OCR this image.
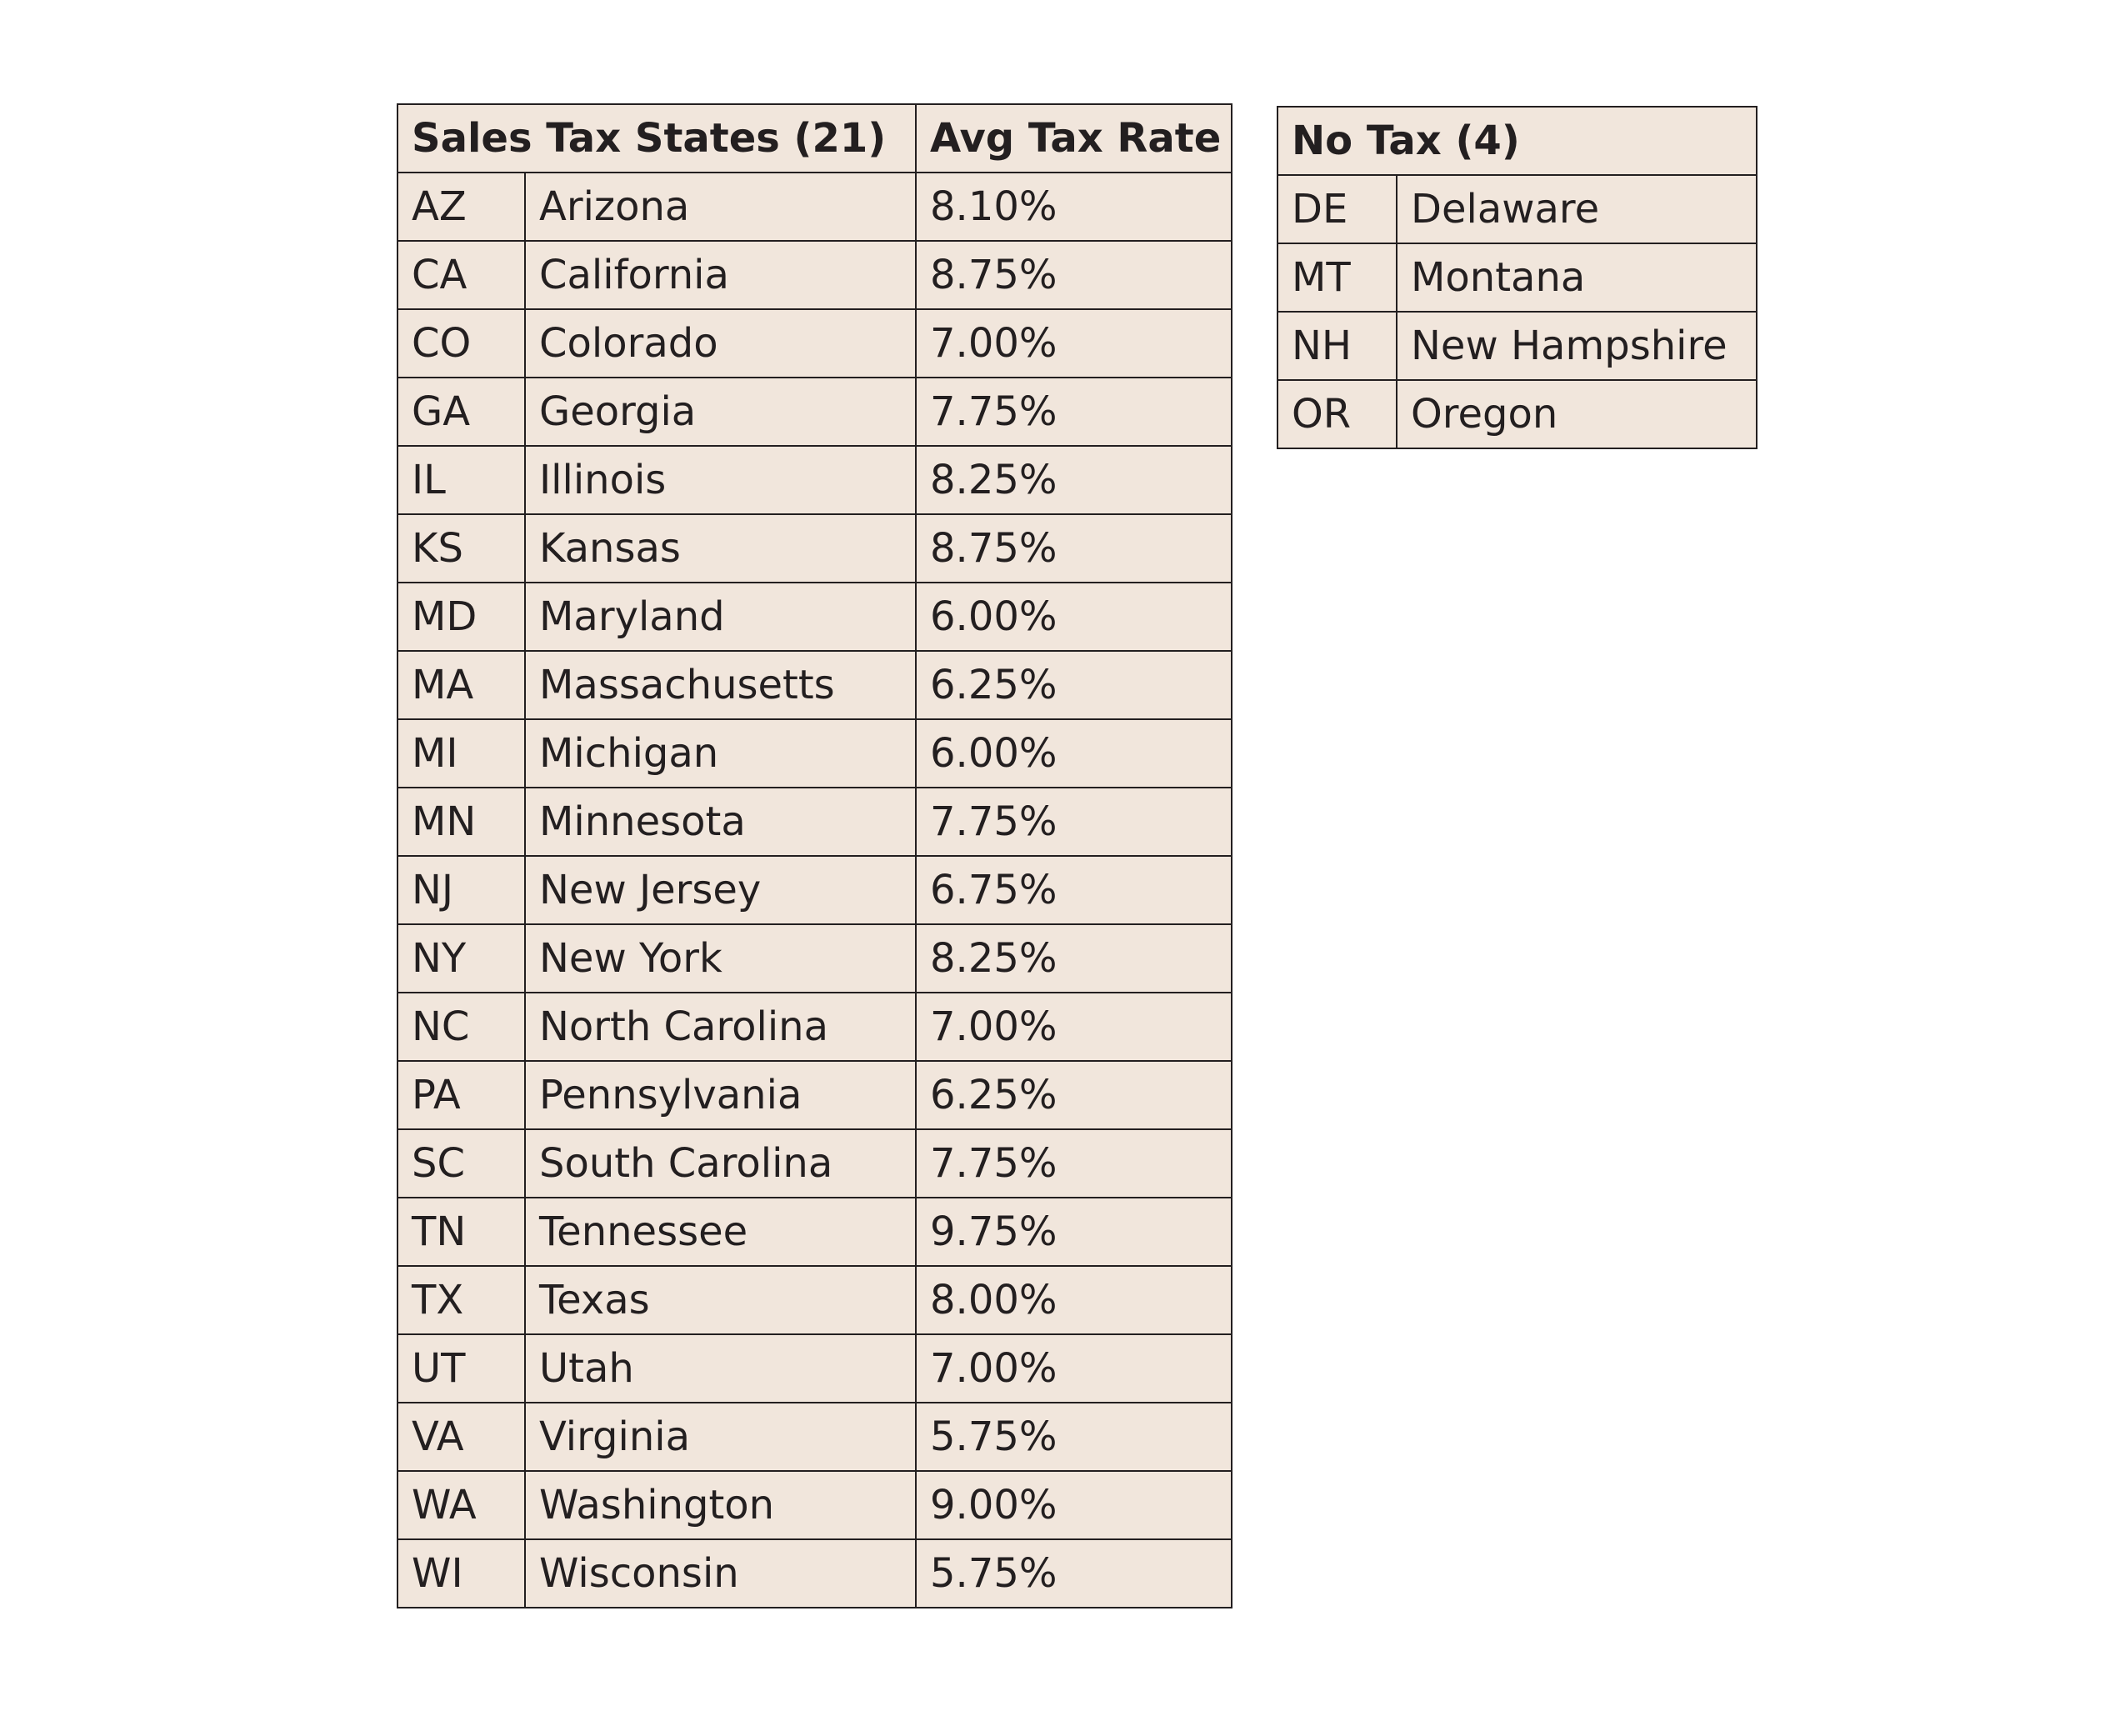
Sales Tax States (21)		Avg Tax Rate
AZ	Arizona	8.10%
CA	California	8.75%
CO	Colorado	7.00%
GA	Georgia	7.75%
IL	Illinois	8.25%
KS	Kansas	8.75%
MD	Maryland	6.00%
MA	Massachusetts	6.25%
MI	Michigan	6.00%
MN	Minnesota	7.75%
NJ	New Jersey	6.75%
NY	New York	8.25%
NC	North Carolina	7.00%
PA	Pennsylvania	6.25%
SC	South Carolina	7.75%
TN	Tennessee	9.75%
TX	Texas	8.00%
UT	Utah	7.00%
VA	Virginia	5.75%
WA	Washington	9.00%
WI	Wisconsin	5.75%
No Tax (4)	
DE	Delaware
MT	Montana
NH	New Hampshire
OR	Oregon
